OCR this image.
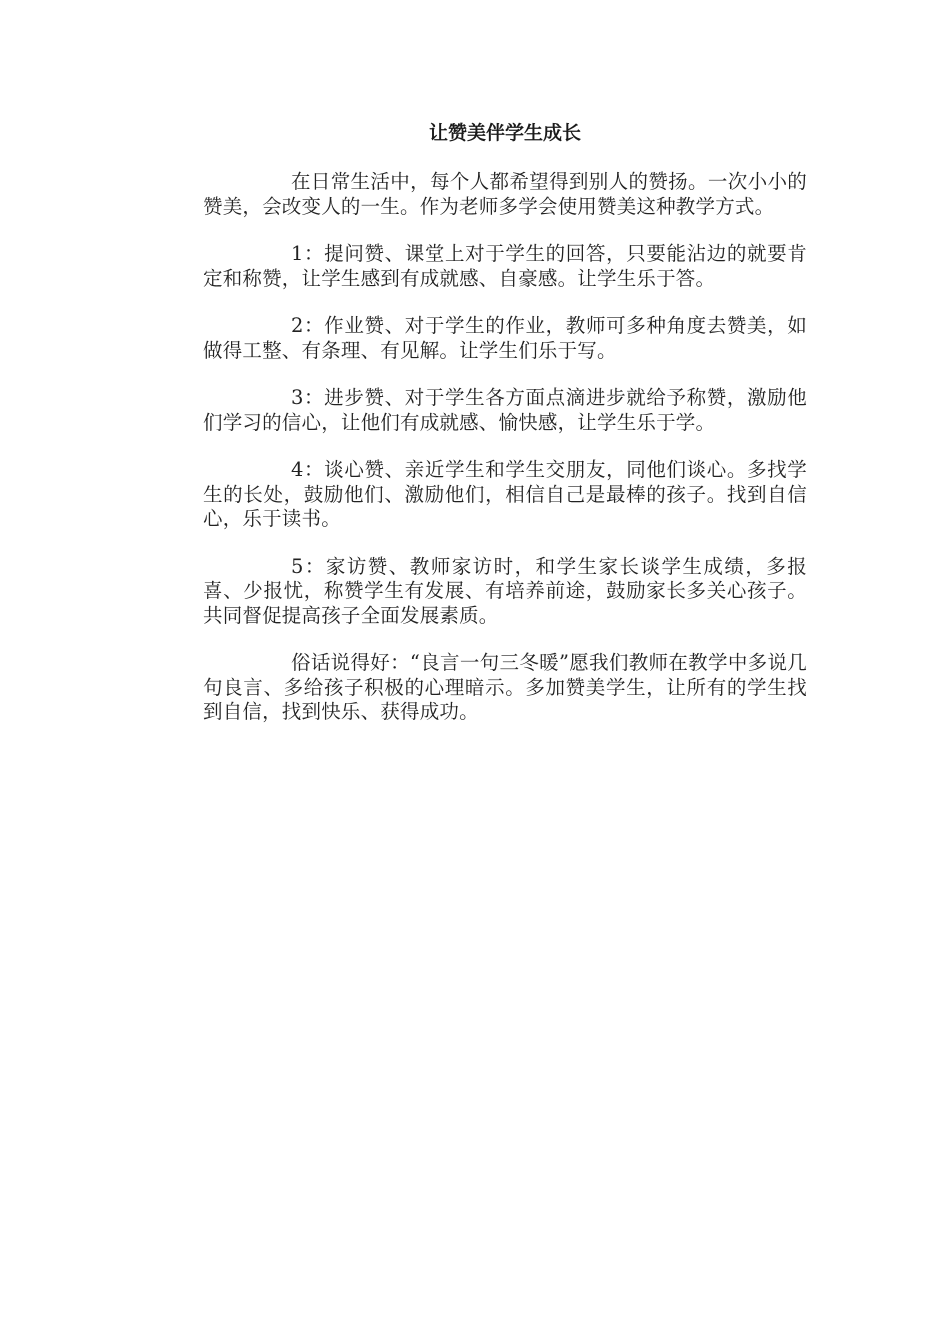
让赞美伴学生成长

在日常生活中，每个人都希望得到别人的赞扬。一次小小的赞美，会改变人的一生。作为老师多学会使用赞美这种教学方式。

1：提问赞、课堂上对于学生的回答，只要能沾边的就要肯定和称赞，让学生感到有成就感、自豪感。让学生乐于答。

2：作业赞、对于学生的作业，教师可多种角度去赞美，如做得工整、有条理、有见解。让学生们乐于写。

3：进步赞、对于学生各方面点滴进步就给予称赞，激励他们学习的信心，让他们有成就感、愉快感，让学生乐于学。

4：谈心赞、亲近学生和学生交朋友，同他们谈心。多找学生的长处，鼓励他们、激励他们，相信自己是最棒的孩子。找到自信心，乐于读书。

5：家访赞、教师家访时，和学生家长谈学生成绩，多报喜、少报忧，称赞学生有发展、有培养前途，鼓励家长多关心孩子。共同督促提高孩子全面发展素质。

俗话说得好：“良言一句三冬暖”愿我们教师在教学中多说几句良言、多给孩子积极的心理暗示。多加赞美学生，让所有的学生找到自信，找到快乐、获得成功。
